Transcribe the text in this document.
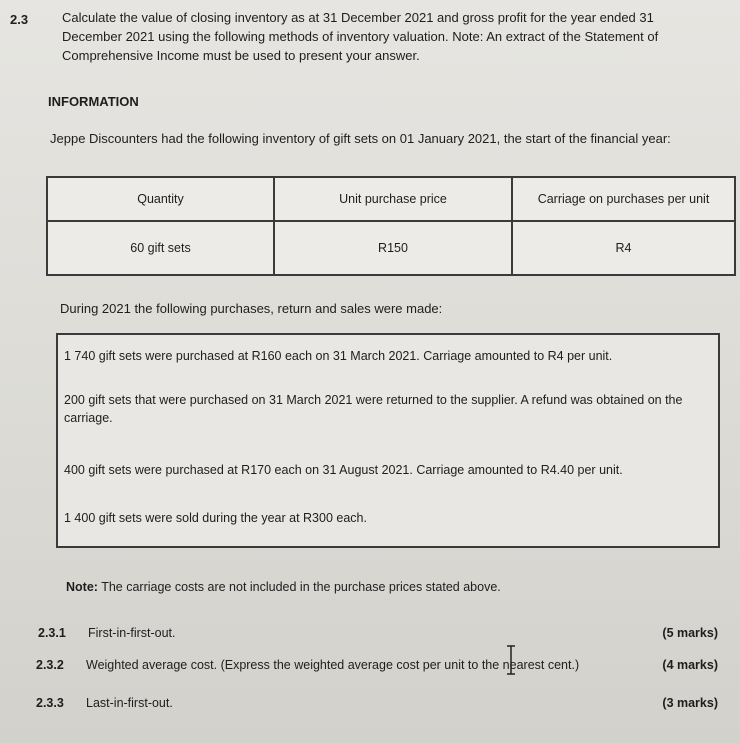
2.3	Calculate the value of closing inventory as at 31 December 2021 and gross profit for the year ended 31 December 2021 using the following methods of inventory valuation. Note: An extract of the Statement of Comprehensive Income must be used to present your answer.
INFORMATION
Jeppe Discounters had the following inventory of gift sets on 01 January 2021, the start of the financial year:
Quantity	Unit purchase price	Carriage on purchases per unit
60 gift sets	R150	R4
During 2021 the following purchases, return and sales were made:

1 740 gift sets were purchased at R160 each on 31 March 2021. Carriage amounted to R4 per unit.

200 gift sets that were purchased on 31 March 2021 were returned to the supplier. A refund was obtained on the carriage.

400 gift sets were purchased at R170 each on 31 August 2021. Carriage amounted to R4.40 per unit.

1 400 gift sets were sold during the year at R300 each.

Note: The carriage costs are not included in the purchase prices stated above.
2.3.1 First-in-first-out.	(5 marks)
2.3.2 Weighted average cost. (Express the weighted average cost per unit to the nearest cent.)	(4 marks)
2.3.3 Last-in-first-out.	(3 marks)
